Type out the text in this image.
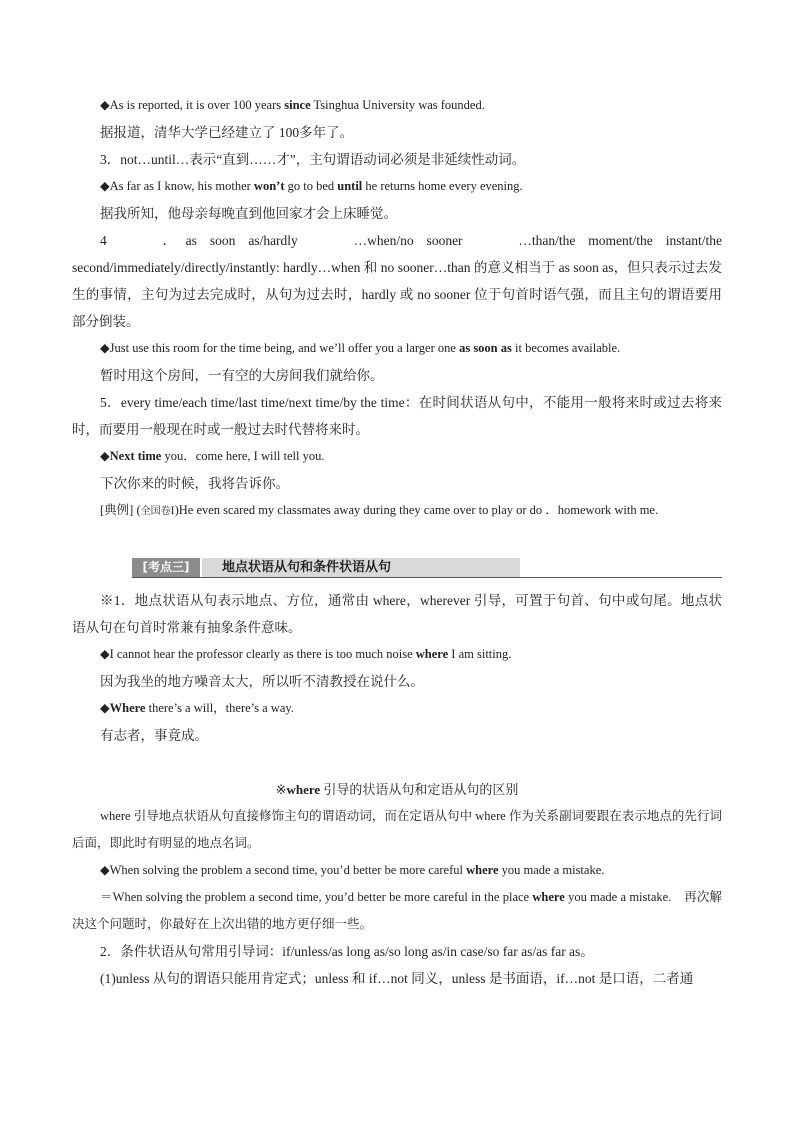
◆As is reported, it is over 100 years since Tsinghua University was founded.

据报道，清华大学已经建立了 100多年了。

3．not…until…表示“直到……才”，主句谓语动词必须是非延续性动词。

◆As far as I know, his mother won’t go to bed until he returns home every evening.

据我所知，他母亲每晚直到他回家才会上床睡觉。

4　　．as soon as/hardly　　…when/no sooner　　…than/the moment/the instant/the second/immediately/directly/instantly: hardly…when 和 no sooner…than 的意义相当于 as soon as，但只表示过去发生的事情，主句为过去完成时，从句为过去时，hardly 或 no sooner 位于句首时语气强，而且主句的谓语要用部分倒装。

◆Just use this room for the time being, and we’ll offer you a larger one as soon as it becomes available.

暂时用这个房间，一有空的大房间我们就给你。

5．every time/each time/last time/next time/by the time：在时间状语从句中，不能用一般将来时或过去将来时，而要用一般现在时或一般过去时代替将来时。

◆Next time you．come here, I will tell you.

下次你来的时候，我将告诉你。

[典例] (全国卷Ⅰ)He even scared my classmates away during they came over to play or do ．homework with me.

[考点三]	地点状语从句和条件状语从句

※1．地点状语从句表示地点、方位，通常由 where，wherever 引导，可置于句首、句中或句尾。地点状语从句在句首时常兼有抽象条件意味。

◆I cannot hear the professor clearly as there is too much noise where I am sitting.

因为我坐的地方噪音太大，所以听不清教授在说什么。

◆Where there’s a will，there’s a way.

有志者，事竟成。

※where 引导的状语从句和定语从句的区别

where 引导地点状语从句直接修饰主句的谓语动词，而在定语从句中 where 作为关系副词要跟在表示地点的先行词后面，即此时有明显的地点名词。

◆When solving the problem a second time, you’d better be more careful where you made a mistake.

＝When solving the problem a second time, you’d better be more careful in the place where you made a mistake.　再次解决这个问题时，你最好在上次出错的地方更仔细一些。

2．条件状语从句常用引导词：if/unless/as long as/so long as/in case/so far as/as far as。

(1)unless 从句的谓语只能用肯定式；unless 和 if…not 同义，unless 是书面语，if…not 是口语，二者通
